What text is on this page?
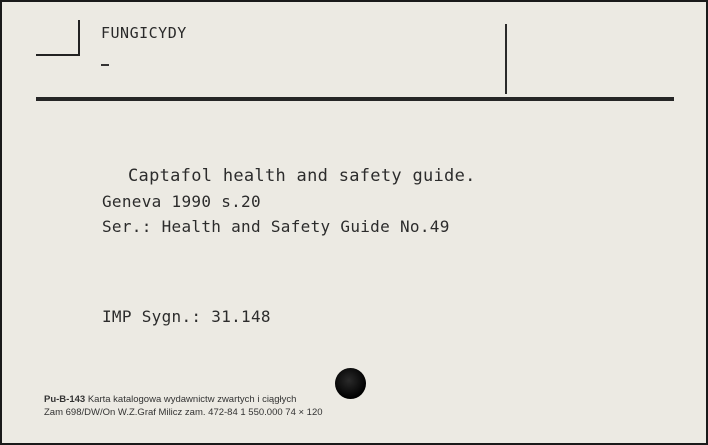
FUNGICYDY
Captafol health and safety guide.
Geneva 1990 s.20
Ser.: Health and Safety Guide No.49
IMP Sygn.: 31.148
Pu-B-143 Karta katalogowa wydawnictw zwartych i ciągłych
Zam 698/DW/On W.Z.Graf Milicz zam. 472-84 1 550.000 74 × 120
